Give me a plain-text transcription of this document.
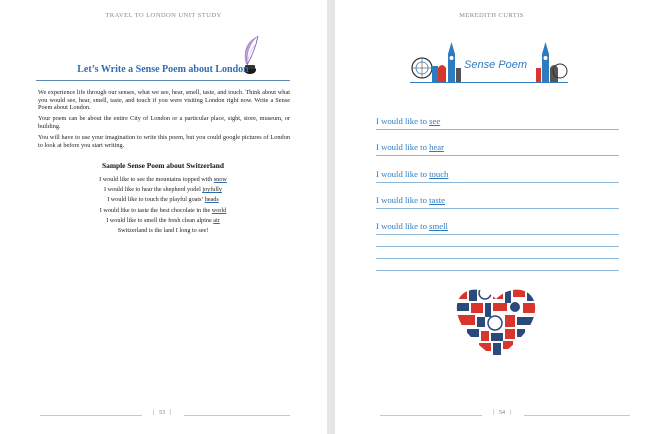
TRAVEL TO LONDON UNIT STUDY
Let’s Write a Sense Poem about London

We experience life through our senses, what we see, hear, smell, taste, and touch. Think about what you would see, hear, smell, taste, and touch if you were visiting London right now. Write a Sense Poem about London.

Your poem can be about the entire City of London or a particular place, sight, store, museum, or building.

You will have to use your imagination to write this poem, but you could google pictures of London to look at before you start writing.

Sample Sense Poem about Switzerland
I would like to see the mountains topped with snow
I would like to hear the shepherd yodel joyfully
I would like to touch the playful goats’ heads
I would like to taste the best chocolate in the world
I would like to smell the fresh clean alpine air
Switzerland is the land I long to see!
{ 53 }
MEREDITH CURTIS
Sense Poem
I would like to see
I would like to hear
I would like to touch
I would like to taste
I would like to smell
{ 54 }
